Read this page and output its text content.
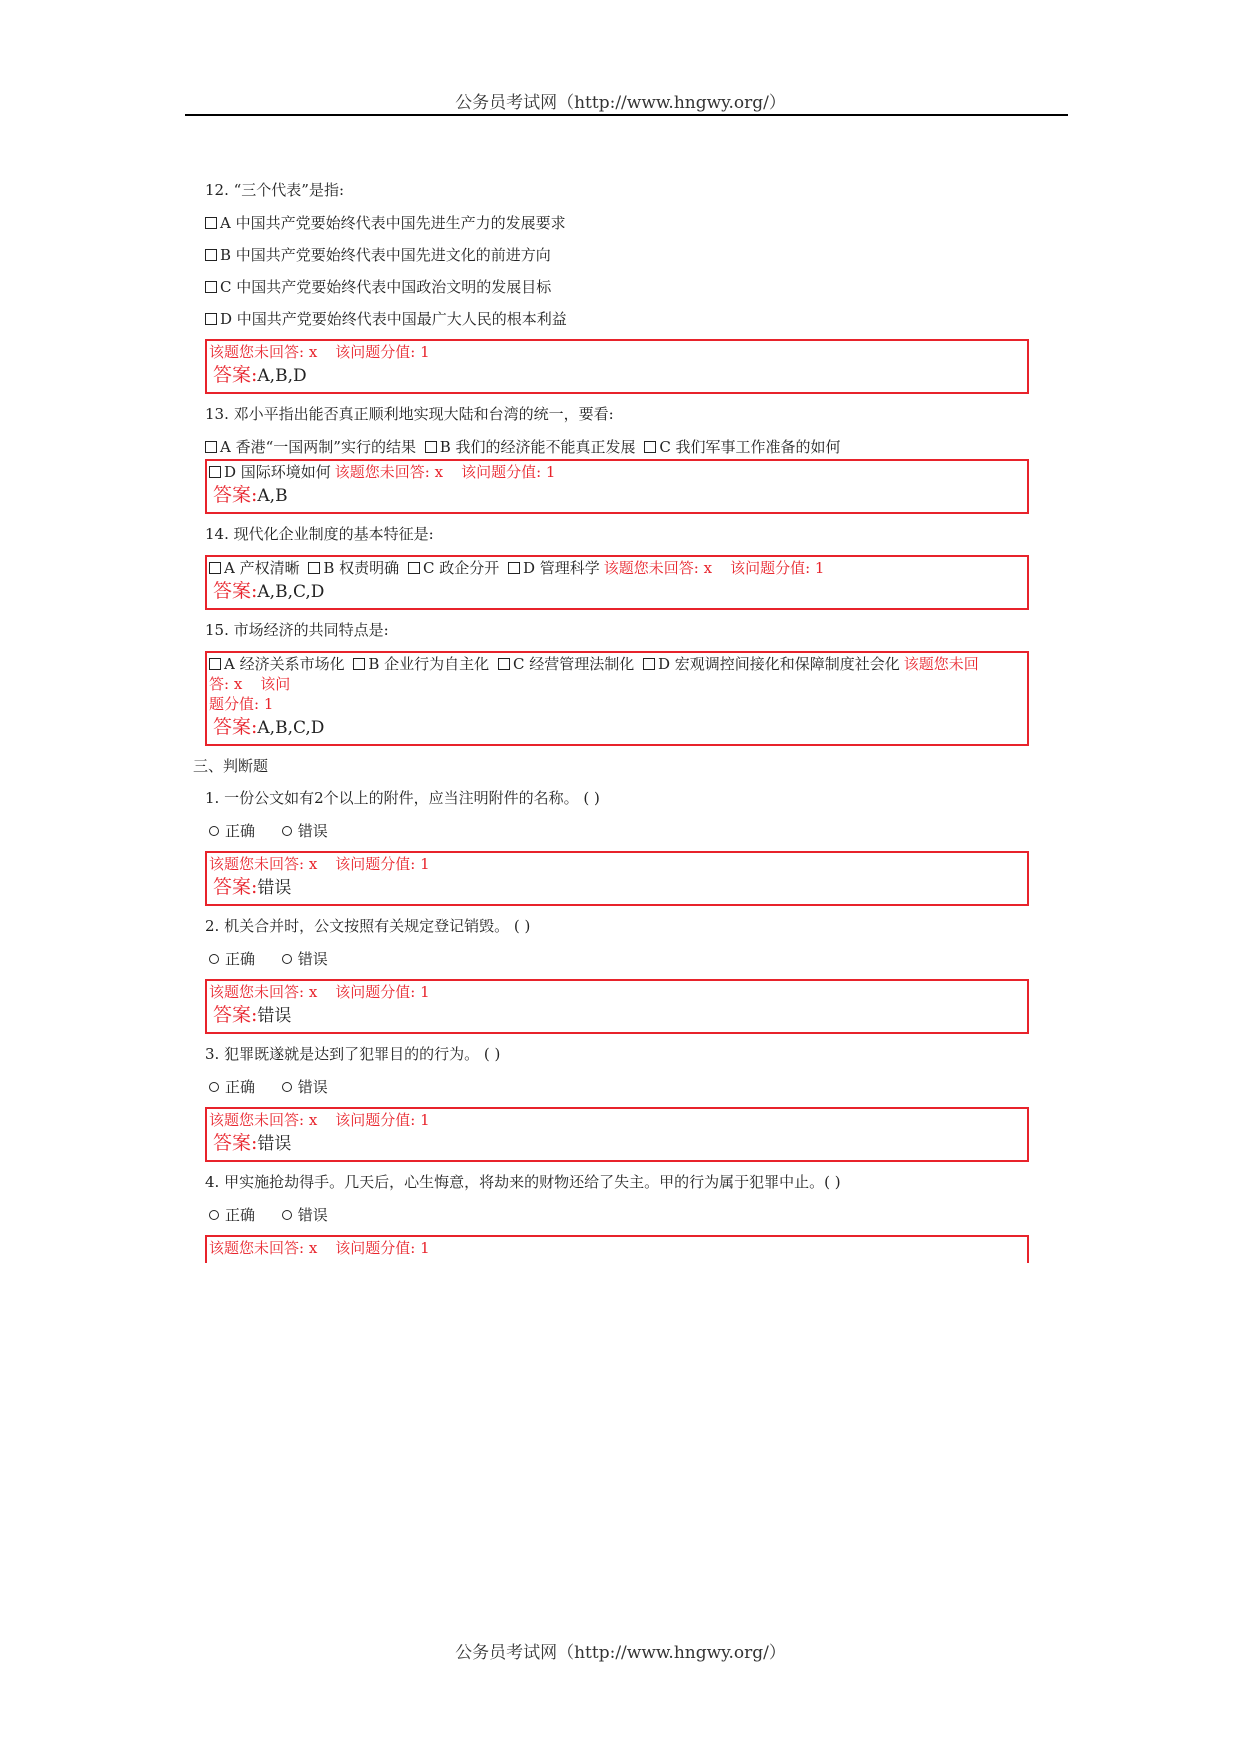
公务员考试网（http://www.hngwy.org/）
12. “三个代表”是指:
A 中国共产党要始终代表中国先进生产力的发展要求
B 中国共产党要始终代表中国先进文化的前进方向
C 中国共产党要始终代表中国政治文明的发展目标
D 中国共产党要始终代表中国最广大人民的根本利益
该题您未回答: x 该问题分值: 1
答案:A,B,D
13. 邓小平指出能否真正顺利地实现大陆和台湾的统一，要看:
A 香港“一国两制”实行的结果 B 我们的经济能不能真正发展 C 我们军事工作准备的如何
D 国际环境如何 该题您未回答: x 该问题分值: 1
答案:A,B
14. 现代化企业制度的基本特征是:
A 产权清晰 B 权责明确 C 政企分开 D 管理科学 该题您未回答: x 该问题分值: 1
答案:A,B,C,D
15. 市场经济的共同特点是:
A 经济关系市场化 B 企业行为自主化 C 经营管理法制化 D 宏观调控间接化和保障制度社会化 该题您未回
答: x 该问
题分值: 1
答案:A,B,C,D
三、判断题
1. 一份公文如有2个以上的附件，应当注明附件的名称。 ( )
正确	错误
该题您未回答: x 该问题分值: 1
答案:错误
2. 机关合并时，公文按照有关规定登记销毁。 ( )
正确	错误
该题您未回答: x 该问题分值: 1
答案:错误
3. 犯罪既遂就是达到了犯罪目的的行为。 ( )
正确	错误
该题您未回答: x 该问题分值: 1
答案:错误
4. 甲实施抢劫得手。几天后，心生悔意，将劫来的财物还给了失主。甲的行为属于犯罪中止。( )
正确	错误
该题您未回答: x 该问题分值: 1
公务员考试网（http://www.hngwy.org/）
